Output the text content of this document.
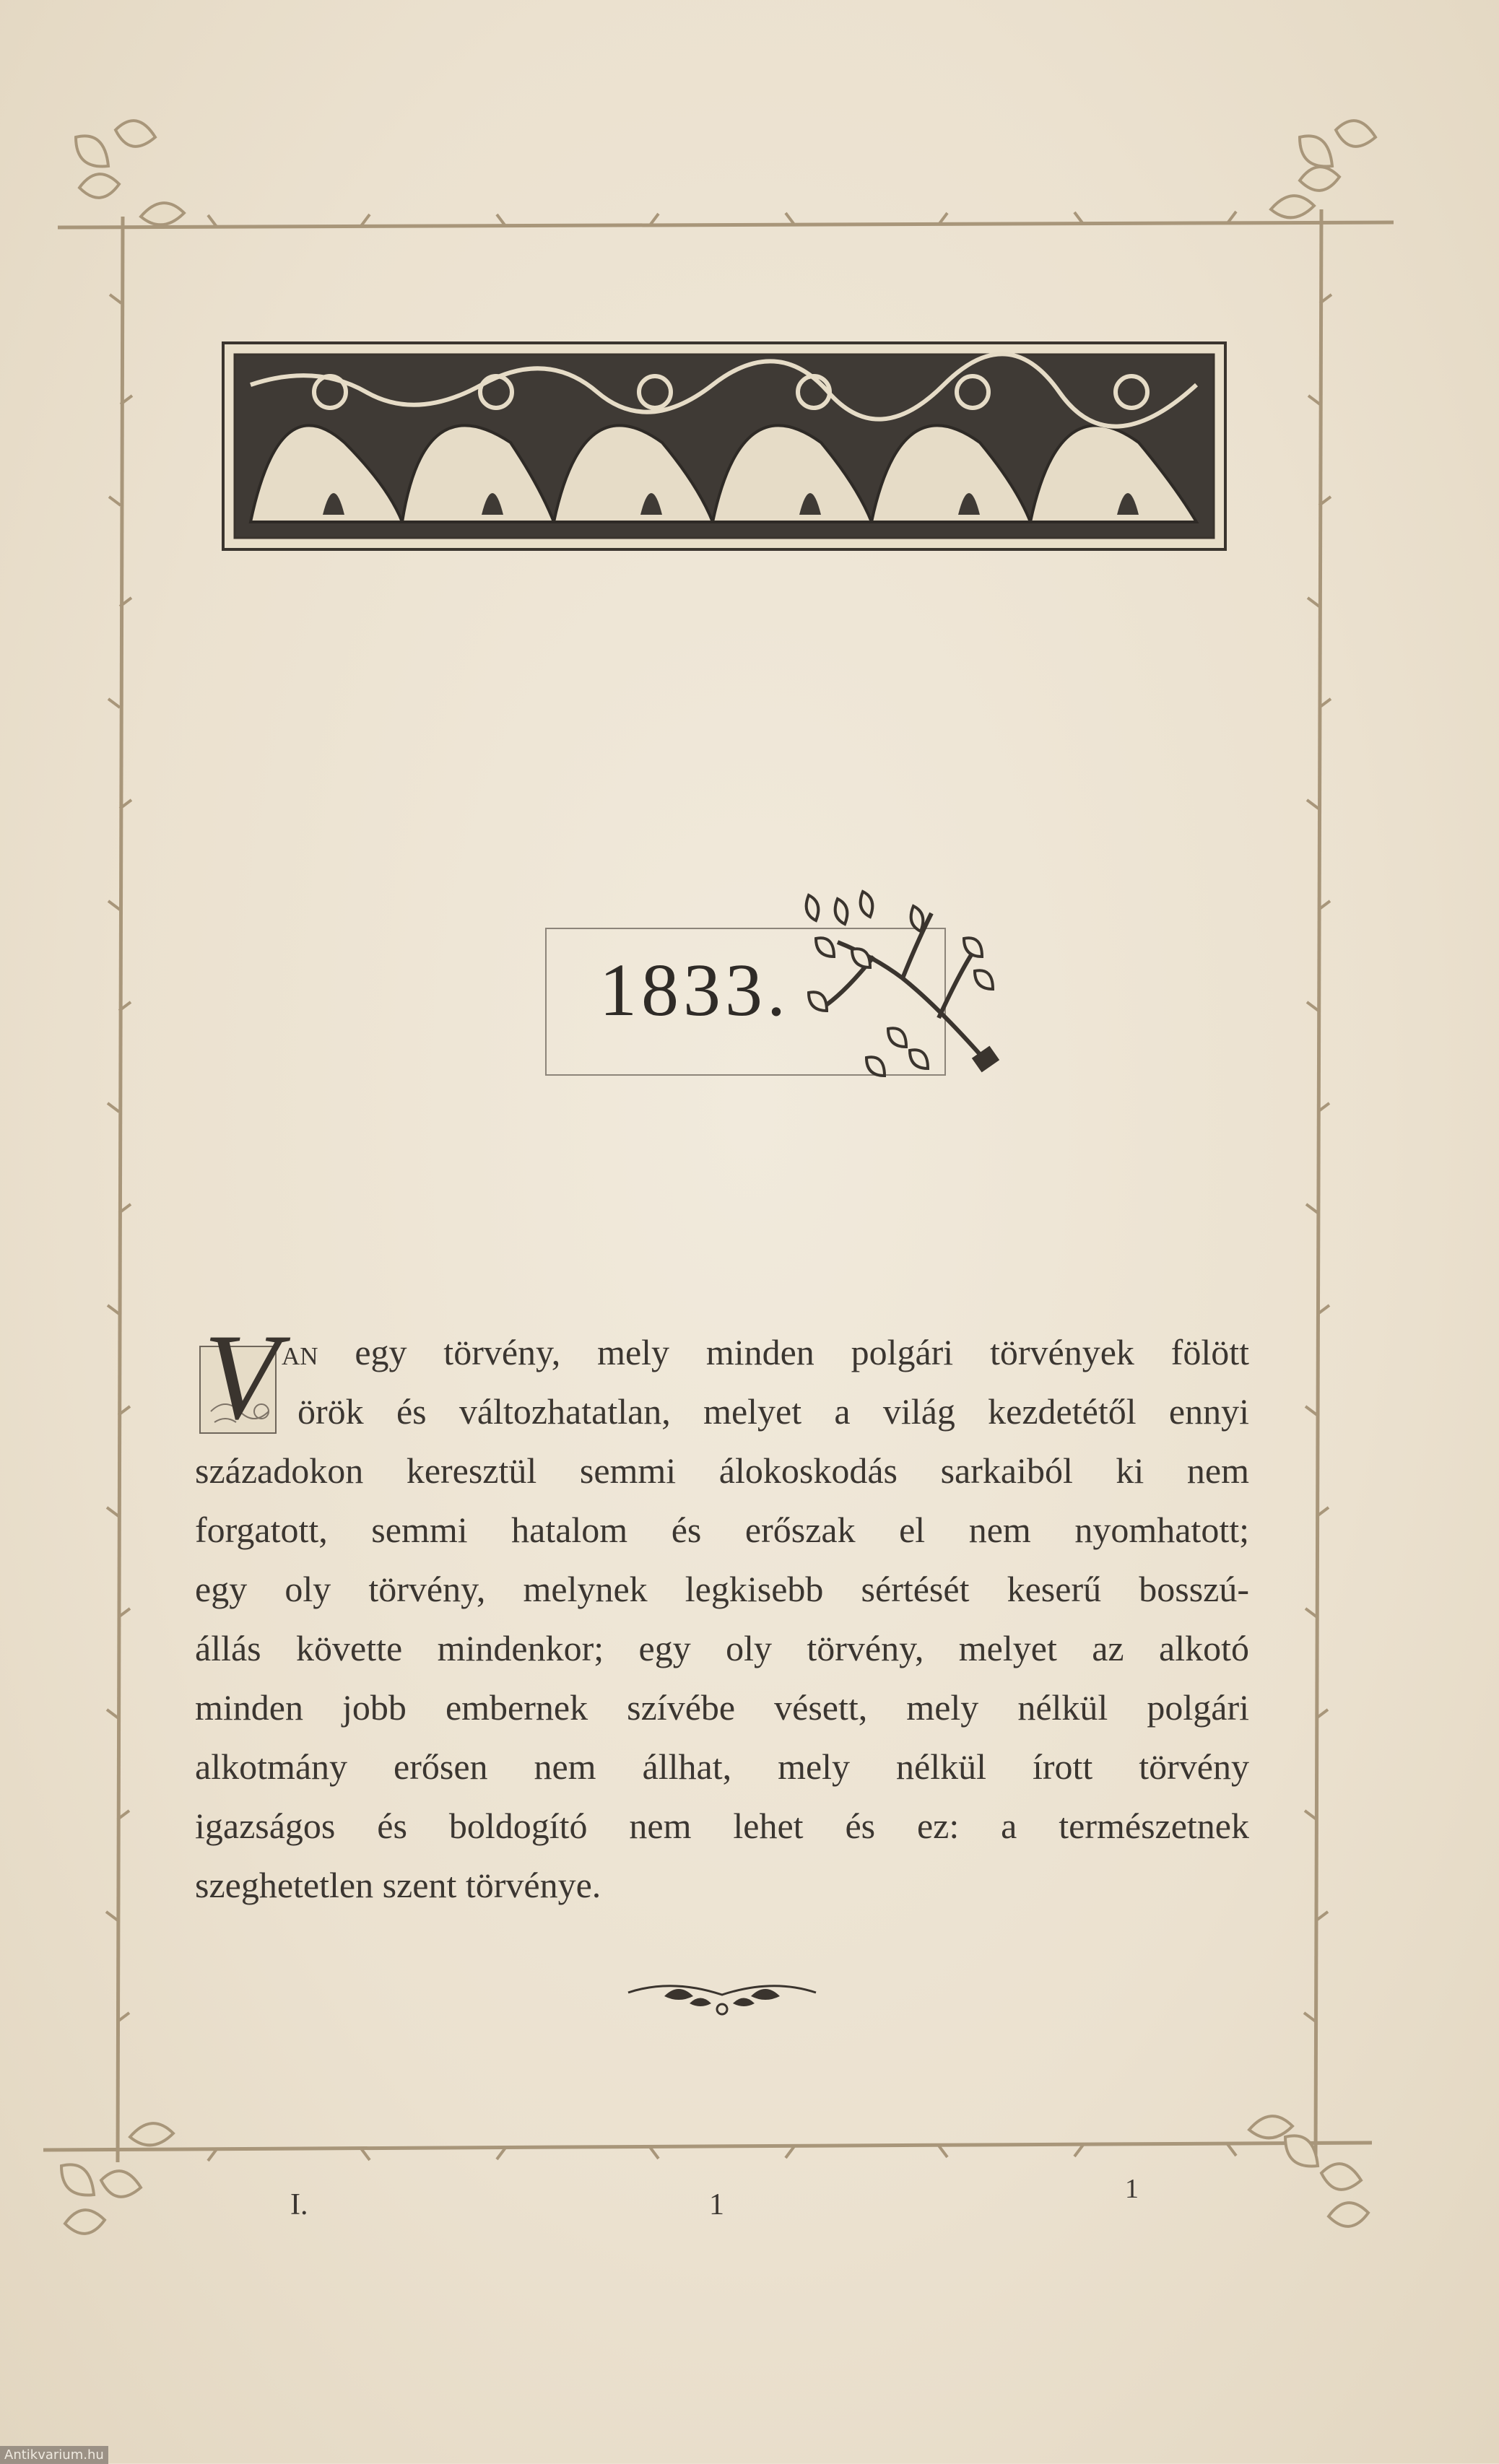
1833.
V an egy törvény, mely minden polgári törvények fölött
örök és változhatatlan, melyet a világ kezdetétől ennyi
századokon keresztül semmi álokoskodás sarkaiból ki nem
forgatott, semmi hatalom és erőszak el nem nyomhatott;
egy oly törvény, melynek legkisebb sértését keserű bosszú-
állás követte mindenkor; egy oly törvény, melyet az alkotó
minden jobb embernek szívébe vésett, mely nélkül polgári
alkotmány erősen nem állhat, mely nélkül írott törvény
igazságos és boldogító nem lehet és ez: a természetnek
szeghetetlen szent törvénye.
I.	1	1
Antikvarium.hu
